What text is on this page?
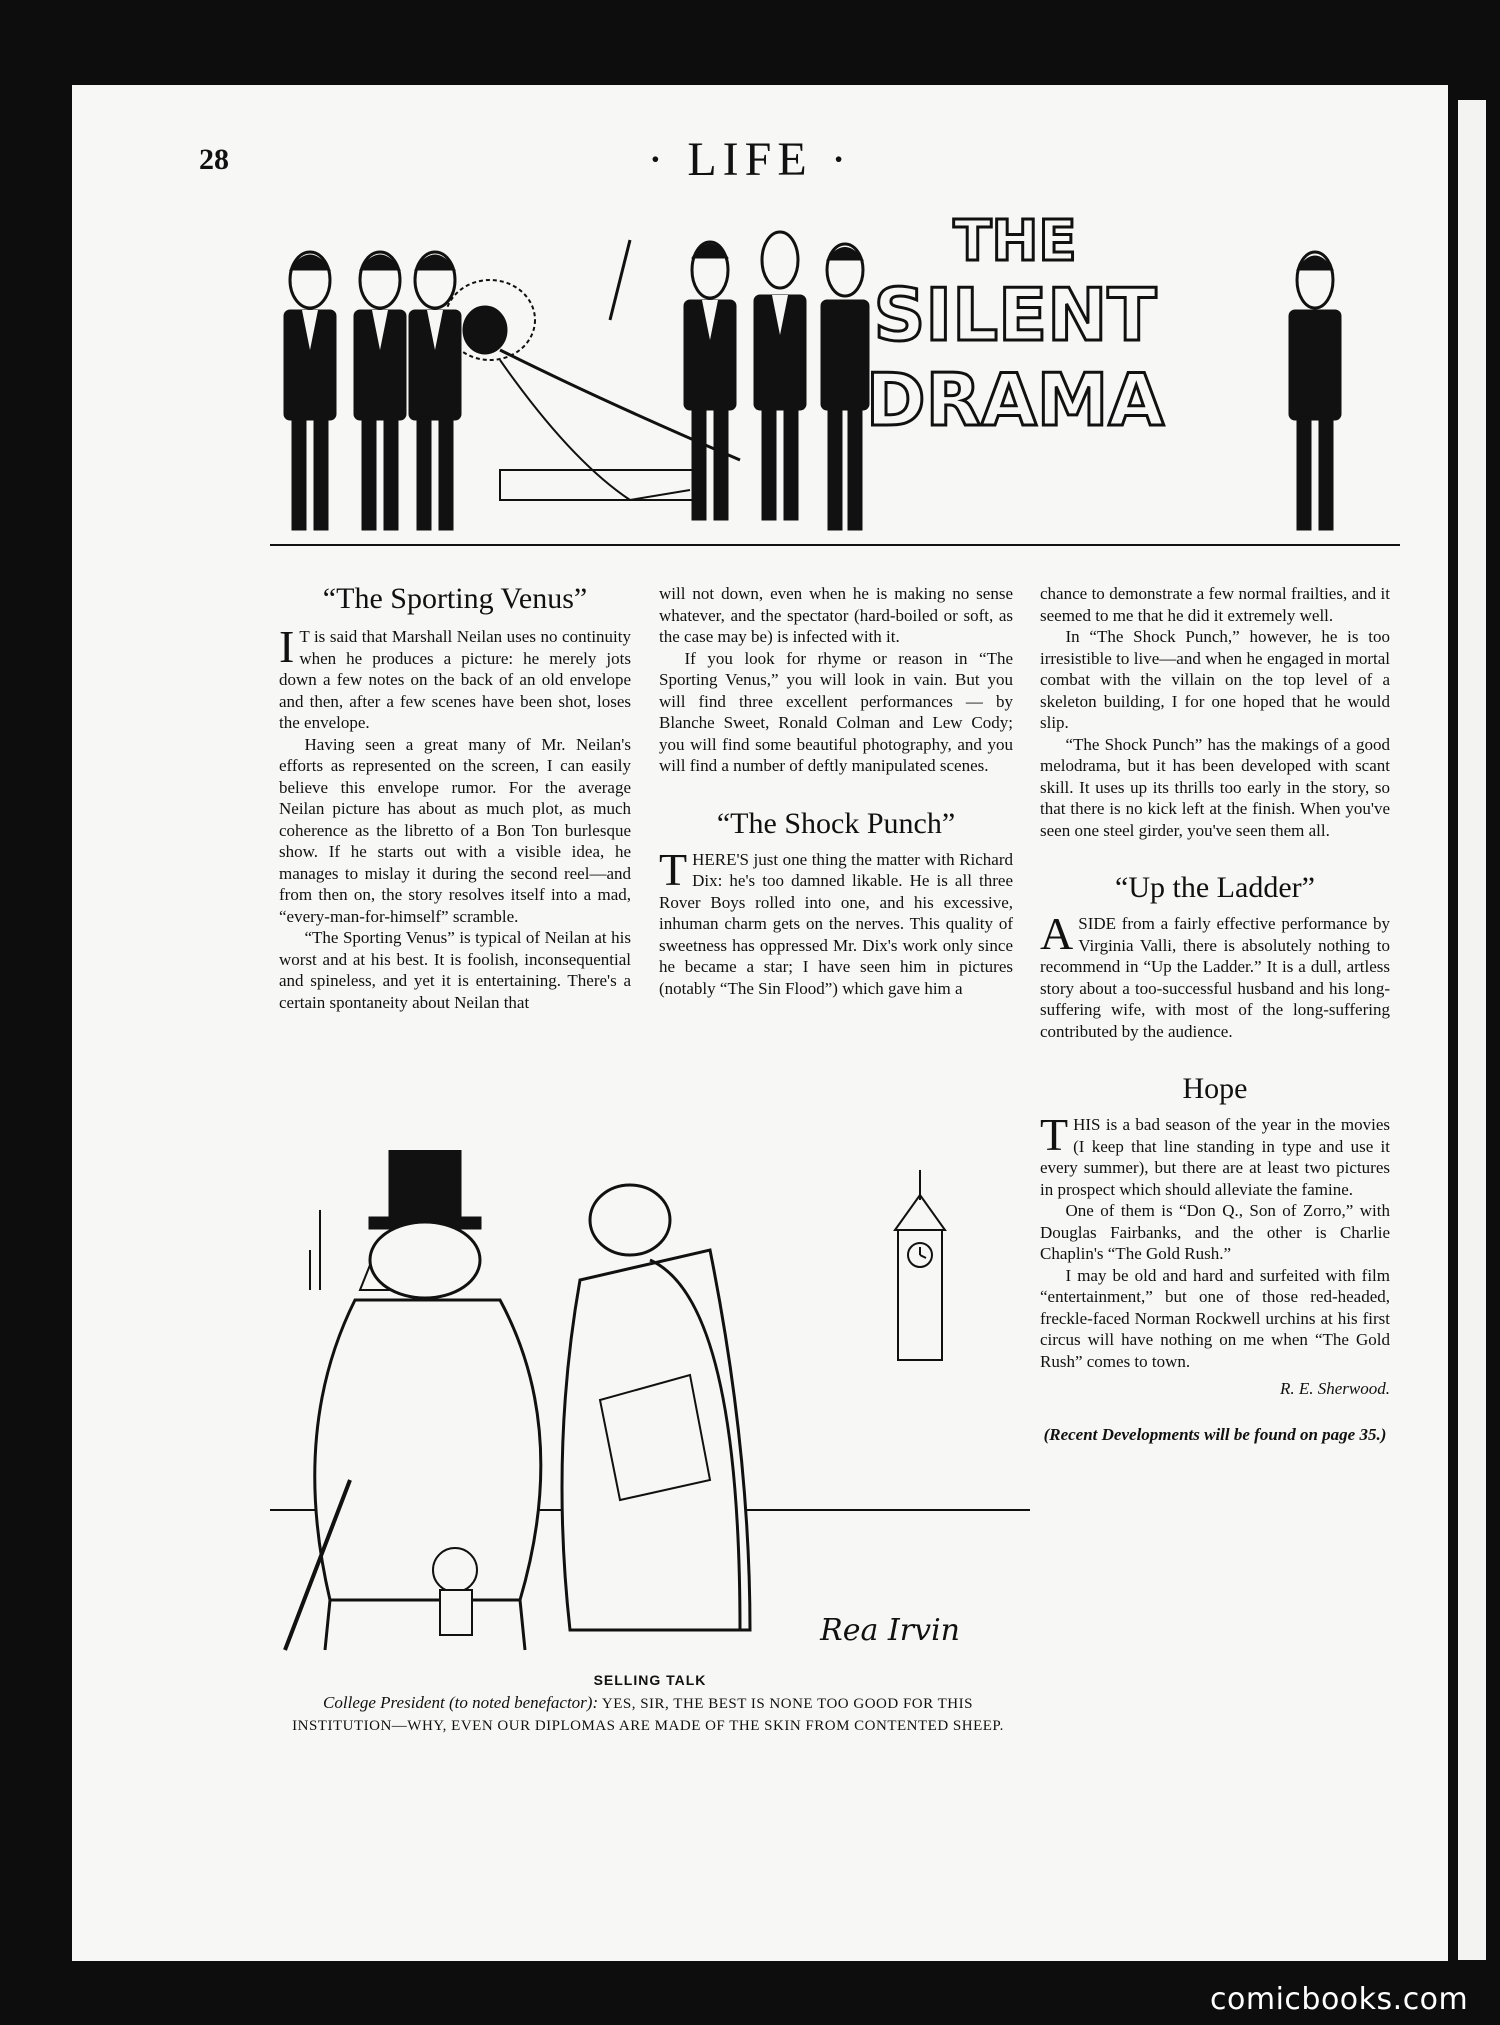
28	· LIFE ·
THE
SILENT
DRAMA
“The Sporting Venus”

I T is said that Marshall Neilan uses no continuity when he produces a picture: he merely jots down a few notes on the back of an old envelope and then, after a few scenes have been shot, loses the envelope.

Having seen a great many of Mr. Neilan's efforts as represented on the screen, I can easily believe this envelope rumor. For the average Neilan picture has about as much plot, as much coherence as the libretto of a Bon Ton burlesque show. If he starts out with a visible idea, he manages to mislay it during the second reel—and from then on, the story resolves itself into a mad, “every-man-for-himself” scramble.

“The Sporting Venus” is typical of Neilan at his worst and at his best. It is foolish, inconsequential and spineless, and yet it is entertaining. There's a certain spontaneity about Neilan that

will not down, even when he is making no sense whatever, and the spectator (hard-boiled or soft, as the case may be) is infected with it.

If you look for rhyme or reason in “The Sporting Venus,” you will look in vain. But you will find three excellent performances — by Blanche Sweet, Ronald Colman and Lew Cody; you will find some beautiful photography, and you will find a number of deftly manipulated scenes.

“The Shock Punch”

THERE'S just one thing the matter with Richard Dix: he's too damned likable. He is all three Rover Boys rolled into one, and his excessive, inhuman charm gets on the nerves. This quality of sweetness has oppressed Mr. Dix's work only since he became a star; I have seen him in pictures (notably “The Sin Flood”) which gave him a

chance to demonstrate a few normal frailties, and it seemed to me that he did it extremely well.

In “The Shock Punch,” however, he is too irresistible to live—and when he engaged in mortal combat with the villain on the top level of a skeleton building, I for one hoped that he would slip.

“The Shock Punch” has the makings of a good melodrama, but it has been developed with scant skill. It uses up its thrills too early in the story, so that there is no kick left at the finish. When you've seen one steel girder, you've seen them all.

“Up the Ladder”

ASIDE from a fairly effective performance by Virginia Valli, there is absolutely nothing to recommend in “Up the Ladder.” It is a dull, artless story about a too-successful husband and his long-suffering wife, with most of the long-suffering contributed by the audience.

Hope

THIS is a bad season of the year in the movies (I keep that line standing in type and use it every summer), but there are at least two pictures in prospect which should alleviate the famine.

One of them is “Don Q., Son of Zorro,” with Douglas Fairbanks, and the other is Charlie Chaplin's “The Gold Rush.”

I may be old and hard and surfeited with film “entertainment,” but one of those red-headed, freckle-faced Norman Rockwell urchins at his first circus will have nothing on me when “The Gold Rush” comes to town.

R. E. Sherwood.
(Recent Developments will be found on page 35.)
Rea Irvin
SELLING TALK
College President (to noted benefactor): YES, SIR, THE BEST IS NONE TOO GOOD FOR THIS INSTITUTION—WHY, EVEN OUR DIPLOMAS ARE MADE OF THE SKIN FROM CONTENTED SHEEP.
comicbooks.com
